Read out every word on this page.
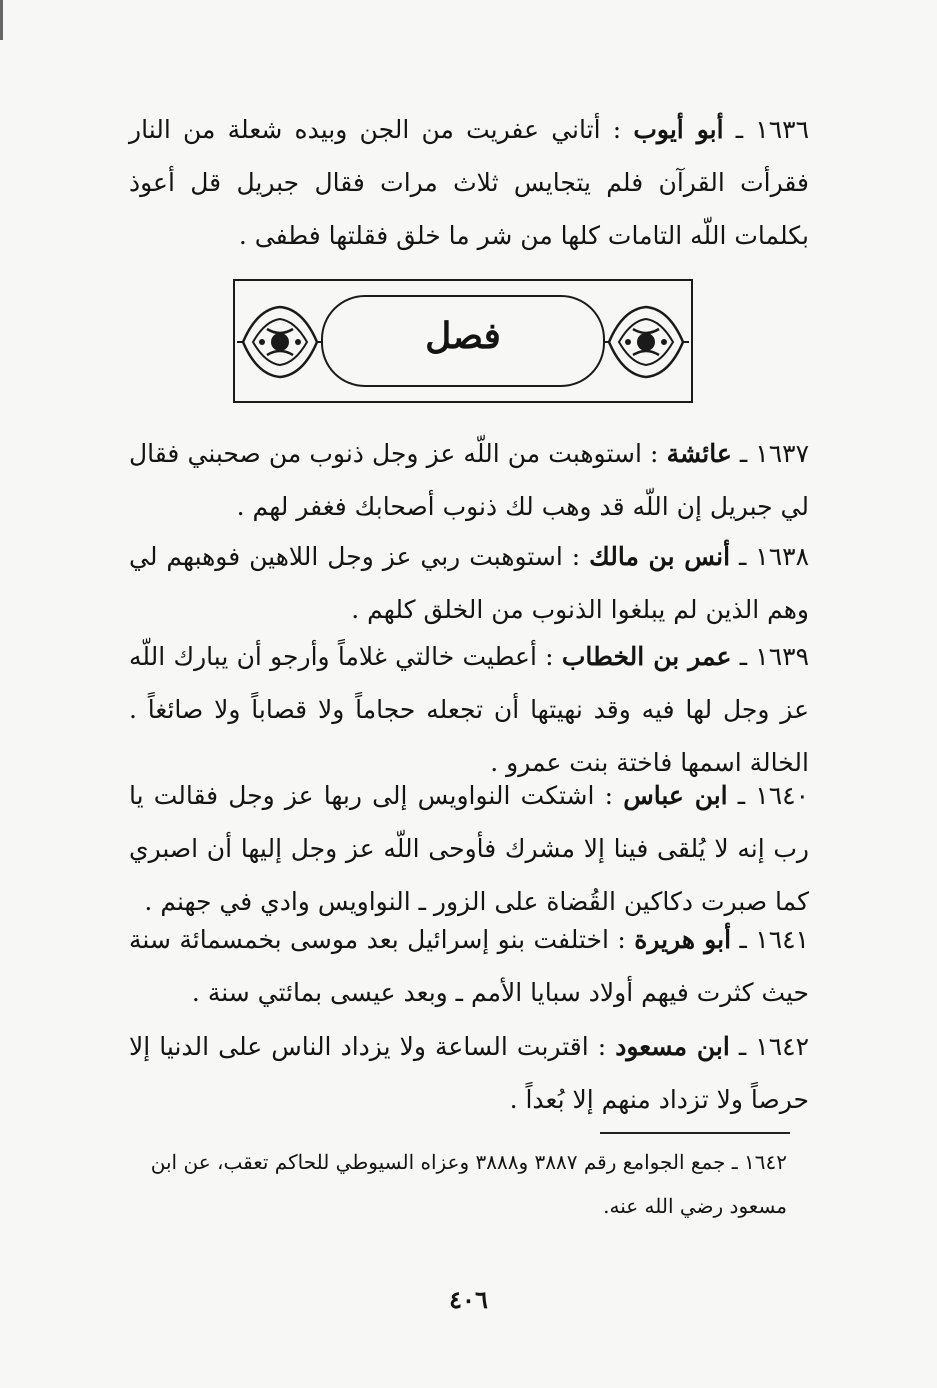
١٦٣٦ ـ أبو أيوب : أتاني عفريت من الجن وبيده شعلة من النار فقرأت القرآن فلم يتجايس ثلاث مرات فقال جبريل قل أعوذ بكلمات اللّه التامات كلها من شر ما خلق فقلتها فطفى .
فصل
١٦٣٧ ـ عائشة : استوهبت من اللّه عز وجل ذنوب من صحبني فقال لي جبريل إن اللّه قد وهب لك ذنوب أصحابك فغفر لهم .
١٦٣٨ ـ أنس بن مالك : استوهبت ربي عز وجل اللاهين فوهبهم لي وهم الذين لم يبلغوا الذنوب من الخلق كلهم .
١٦٣٩ ـ عمر بن الخطاب : أعطيت خالتي غلاماً وأرجو أن يبارك اللّه عز وجل لها فيه وقد نهيتها أن تجعله حجاماً ولا قصاباً ولا صائغاً . الخالة اسمها فاختة بنت عمرو .
١٦٤٠ ـ ابن عباس : اشتكت النواويس إلى ربها عز وجل فقالت يا رب إنه لا يُلقى فينا إلا مشرك فأوحى اللّه عز وجل إليها أن اصبري كما صبرت دكاكين القُضاة على الزور ـ النواويس وادي في جهنم .
١٦٤١ ـ أبو هريرة : اختلفت بنو إسرائيل بعد موسى بخمسمائة سنة حيث كثرت فيهم أولاد سبايا الأمم ـ وبعد عيسى بمائتي سنة .
١٦٤٢ ـ ابن مسعود : اقتربت الساعة ولا يزداد الناس على الدنيا إلا حرصاً ولا تزداد منهم إلا بُعداً .
١٦٤٢ ـ جمع الجوامع رقم ٣٨٨٧ و٣٨٨٨ وعزاه السيوطي للحاكم تعقب، عن ابن مسعود رضي الله عنه.
٤٠٦
